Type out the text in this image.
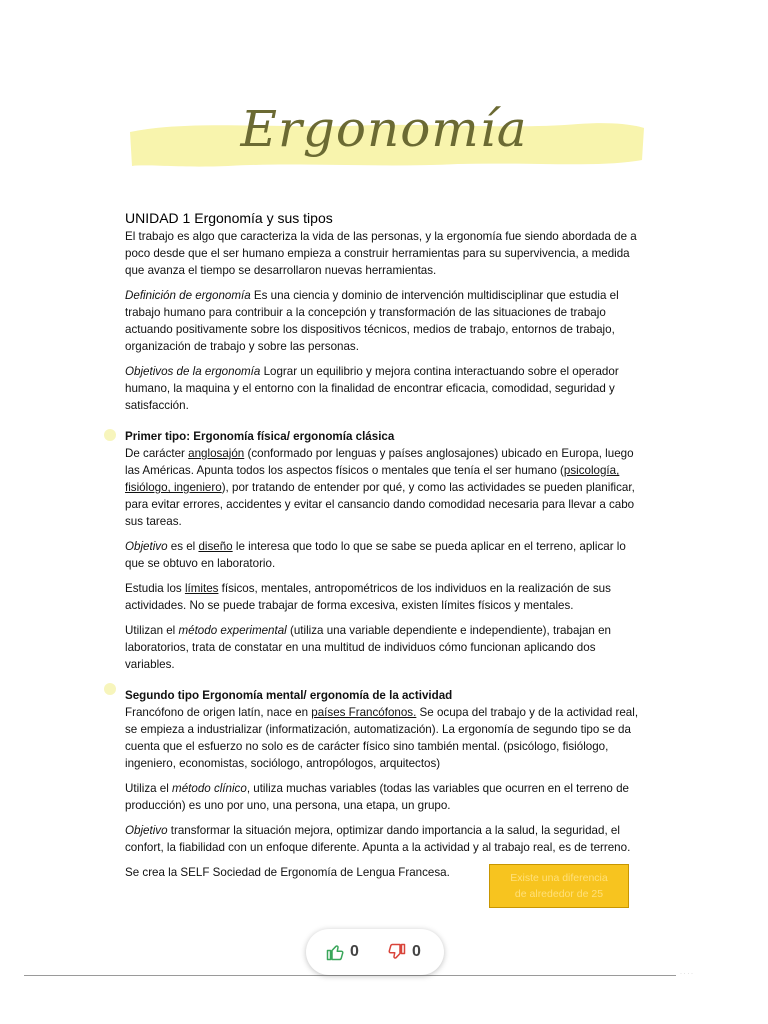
Ergonomía
UNIDAD 1 Ergonomía y sus tipos

El trabajo es algo que caracteriza la vida de las personas, y la ergonomía fue siendo abordada de a poco desde que el ser humano empieza a construir herramientas para su supervivencia, a medida que avanza el tiempo se desarrollaron nuevas herramientas.

Definición de ergonomía Es una ciencia y dominio de intervención multidisciplinar que estudia el trabajo humano para contribuir a la concepción y transformación de las situaciones de trabajo actuando positivamente sobre los dispositivos técnicos, medios de trabajo, entornos de trabajo, organización de trabajo y sobre las personas.

Objetivos de la ergonomía Lograr un equilibrio y mejora contina interactuando sobre el operador humano, la maquina y el entorno con la finalidad de encontrar eficacia, comodidad, seguridad y satisfacción.

Primer tipo: Ergonomía física/ ergonomía clásica

De carácter anglosajón (conformado por lenguas y países anglosajones) ubicado en Europa, luego las Américas. Apunta todos los aspectos físicos o mentales que tenía el ser humano (psicología, fisiólogo, ingeniero), por tratando de entender por qué, y como las actividades se pueden planificar, para evitar errores, accidentes y evitar el cansancio dando comodidad necesaria para llevar a cabo sus tareas.

Objetivo es el diseño le interesa que todo lo que se sabe se pueda aplicar en el terreno, aplicar lo que se obtuvo en laboratorio.

Estudia los límites físicos, mentales, antropométricos de los individuos en la realización de sus actividades. No se puede trabajar de forma excesiva, existen límites físicos y mentales.

Utilizan el método experimental (utiliza una variable dependiente e independiente), trabajan en laboratorios, trata de constatar en una multitud de individuos cómo funcionan aplicando dos variables.

Segundo tipo Ergonomía mental/ ergonomía de la actividad

Francófono de origen latín, nace en países Francófonos. Se ocupa del trabajo y de la actividad real, se empieza a industrializar (informatización, automatización). La ergonomía de segundo tipo se da cuenta que el esfuerzo no solo es de carácter físico sino también mental. (psicólogo, fisiólogo, ingeniero, economistas, sociólogo, antropólogos, arquitectos)

Utiliza el método clínico, utiliza muchas variables (todas las variables que ocurren en el terreno de producción) es uno por uno, una persona, una etapa, un grupo.

Objetivo transformar la situación mejora, optimizar dando importancia a la salud, la seguridad, el confort, la fiabilidad con un enfoque diferente. Apunta a la actividad y al trabajo real, es de terreno.

Se crea la SELF Sociedad de Ergonomía de Lengua Francesa.	Existe una diferencia
de alrededor de 25
· · · ·
0	0
